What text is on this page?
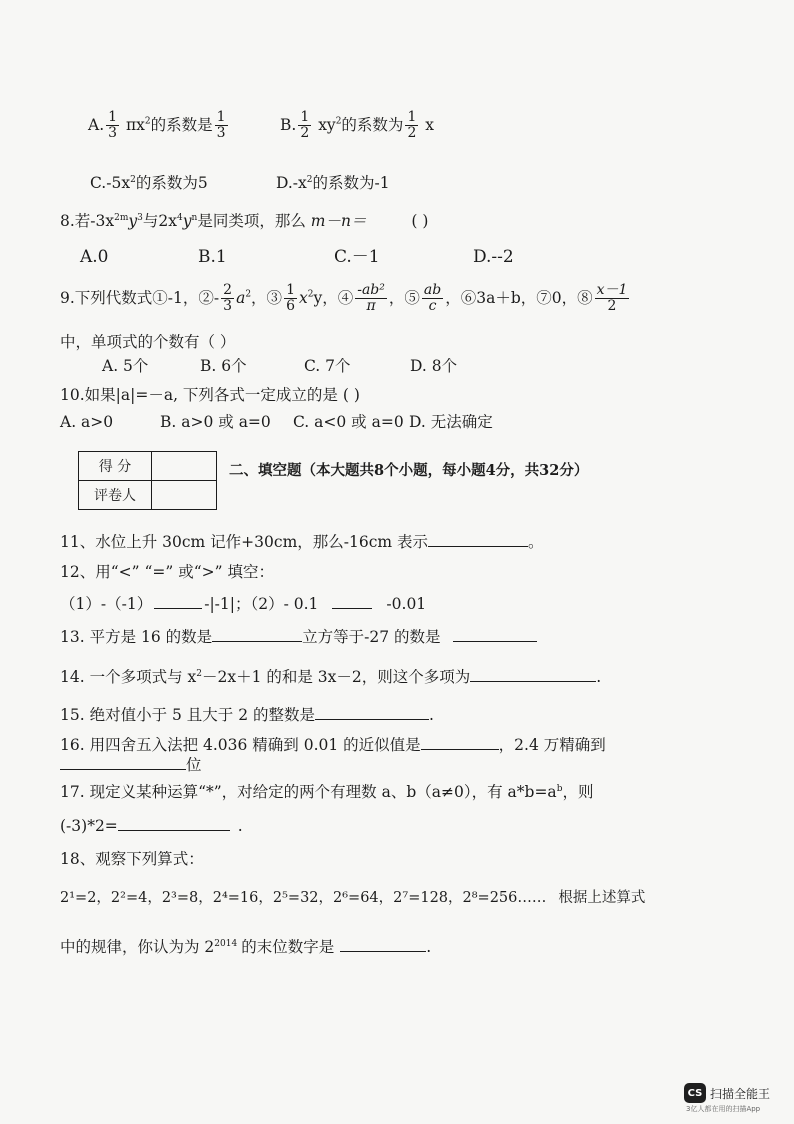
A. $\frac{1}{3} \pi x^2$的系数是 $\frac{1}{3}$	B. $\frac{1}{2} xy^2$的系数为 $\frac{1}{2}$ x
$C.-5x^2$的系数为5	$D.-x^2$的系数为-1
8.若$-3x^{2m}y^3$与$2x^4y^n$是同类项，那么 m－n＝	( )
A.0	B.1	C.－1	D.--2
9.下列代数式①-1，②- $\frac{2}{3} a^2$，③ $\frac{1}{6} x^2y$，④ $\frac{\text{-ab²}}{\pi}$ ，⑤ $\frac{ab}{c}$ ，⑥3a＋b，⑦0，⑧ $\frac{x-1}{2}$
中，单项式的个数有（ ）
A. 5个	B. 6个	C. 7个	D. 8个
10.如果|a|=－a, 下列各式一定成立的是 ( )
A. a>0	B. a>0 或 a=0 C. a<0 或 a=0 D. 无法确定
得 分	
评卷人	
二、填空题（本大题共8个小题，每小题4分，共32分）
11、水位上升 30cm 记作+30cm，那么-16cm 表示	。
12、用“<” “=” 或“>” 填空：
（1）-（-1）	-|-1|；（2）- 0.1	-0.01
13. 平方是 16 的数是	立方等于-27 的数是
14. 一个多项式与 $x^2-2x+1$ 的和是 3x－2，则这个多项为	.
15. 绝对值小于 5 且大于 2 的整数是	.
16. 用四舍五入法把 4.036 精确到 0.01 的近似值是	，2.4 万精确到
位
17. 现定义某种运算“*”，对给定的两个有理数 a、b（a≠0），有 $a*b=a^b$，则
(-3)*2=	.
18、观察下列算式：
2¹=2，2²=4，2³=8，2⁴=16，2⁵=32，2⁶=64，2⁷=128，2⁸=256…… 根据上述算式
中的规律，你认为为 $2^{2014}$ 的末位数字是	.
CS 扫描全能王
3亿人都在用的扫描App
